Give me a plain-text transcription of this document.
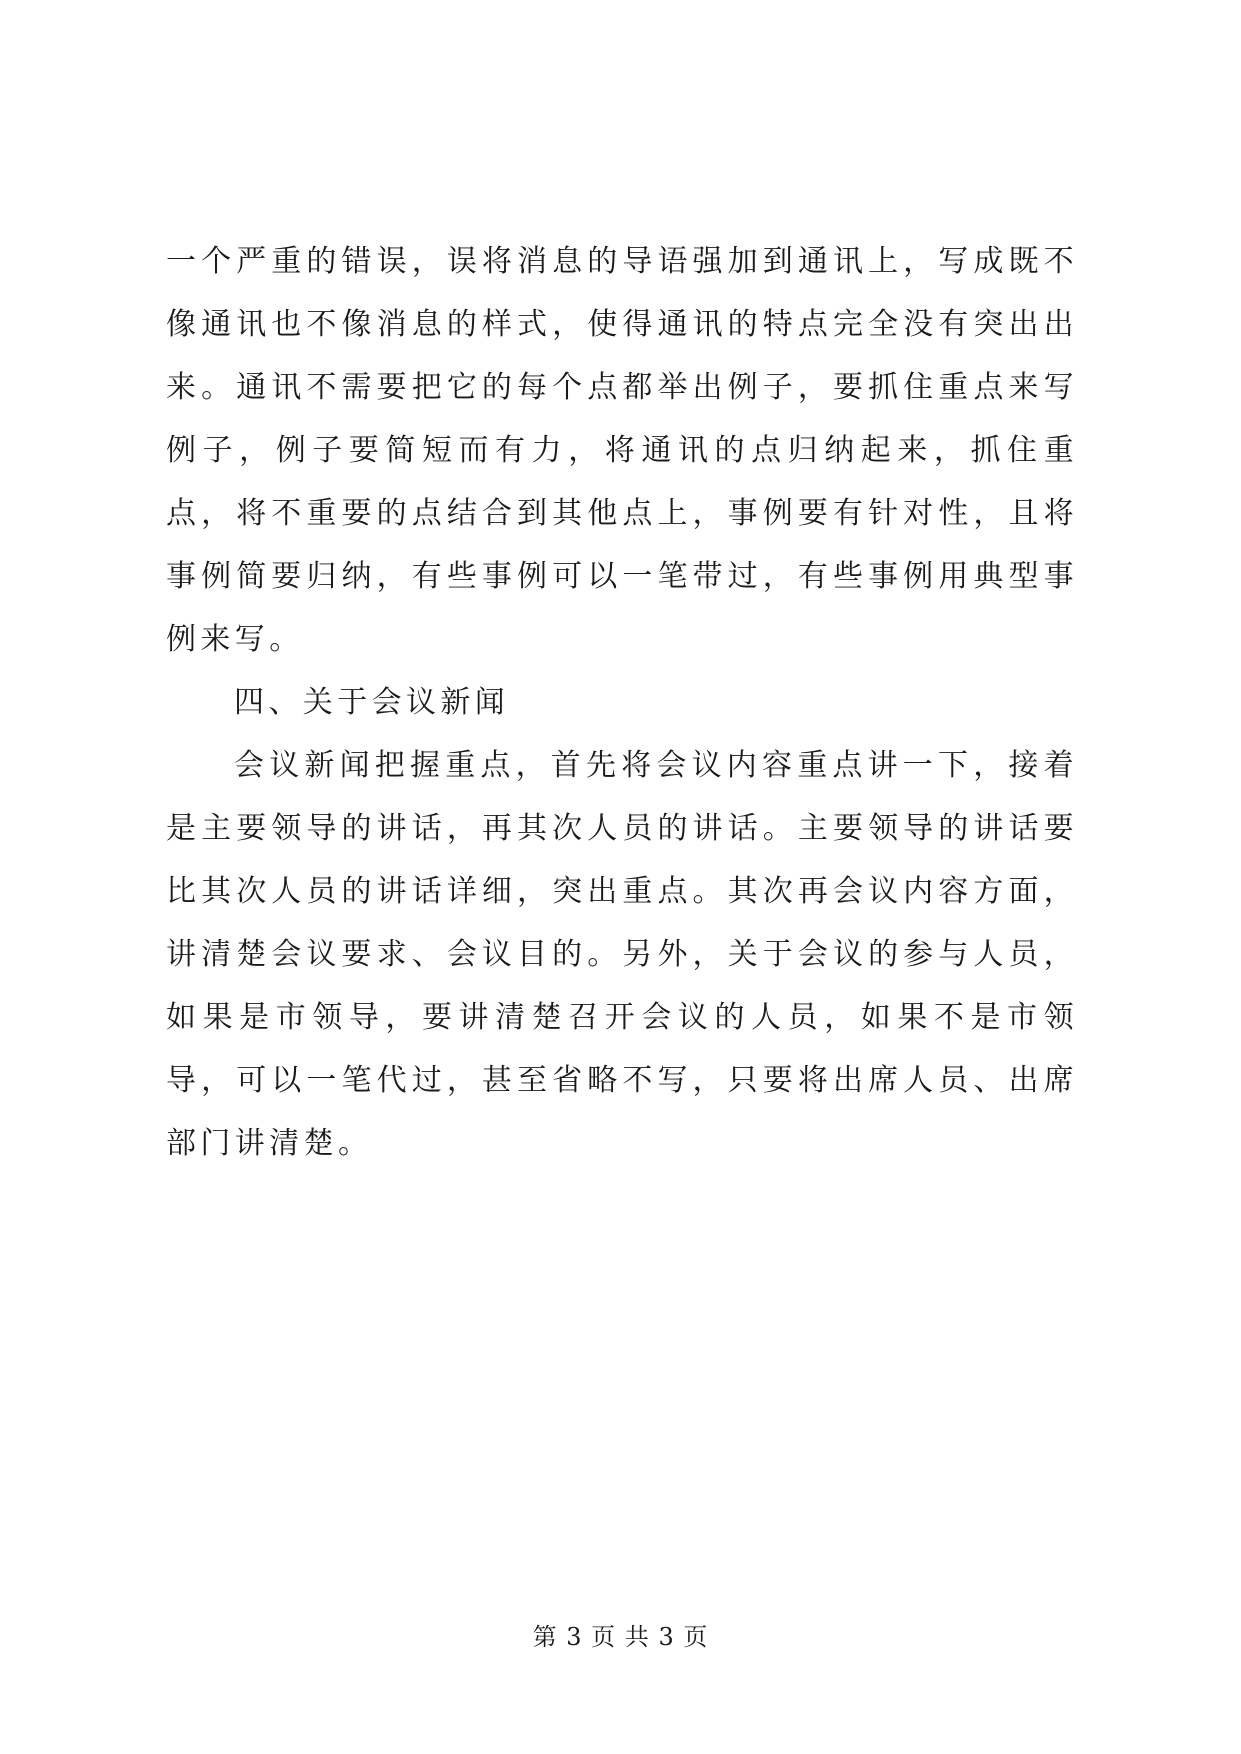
一个严重的错误，误将消息的导语强加到通讯上，写成既不像通讯也不像消息的样式，使得通讯的特点完全没有突出出来。通讯不需要把它的每个点都举出例子，要抓住重点来写例子，例子要简短而有力，将通讯的点归纳起来，抓住重点，将不重要的点结合到其他点上，事例要有针对性，且将事例简要归纳，有些事例可以一笔带过，有些事例用典型事例来写。

四、关于会议新闻

会议新闻把握重点，首先将会议内容重点讲一下，接着是主要领导的讲话，再其次人员的讲话。主要领导的讲话要比其次人员的讲话详细，突出重点。其次再会议内容方面，讲清楚会议要求、会议目的。另外，关于会议的参与人员，如果是市领导，要讲清楚召开会议的人员，如果不是市领导，可以一笔代过，甚至省略不写，只要将出席人员、出席部门讲清楚。

第 3 页 共 3 页
